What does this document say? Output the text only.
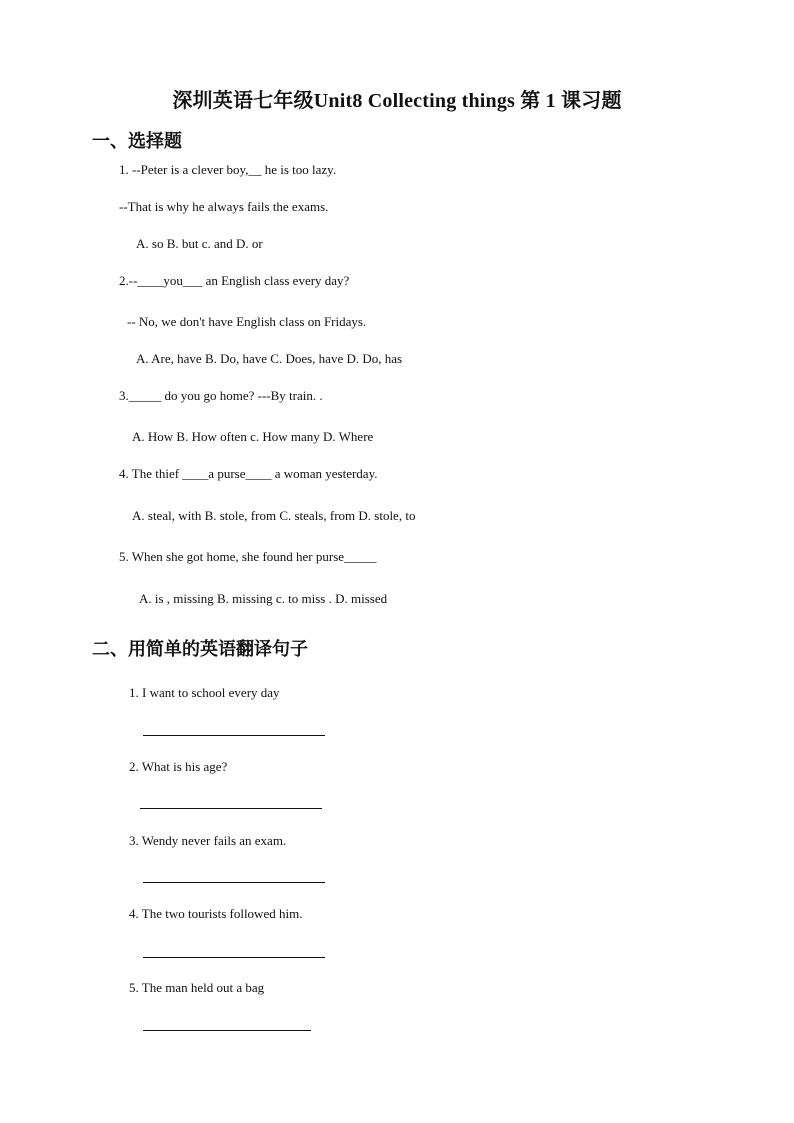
深圳英语七年级Unit8 Collecting things 第 1 课习题
一、选择题
1. --Peter is a clever boy,__ he is too lazy.
--That is why he always fails the exams.
A. so B. but c. and D. or
2.--____you___ an English class every day?
-- No, we don't have English class on Fridays.
A. Are, have B. Do, have C. Does, have D. Do, has
3._____ do you go home? ---By train. .
A. How B. How often c. How many D. Where
4. The thief ____a purse____ a woman yesterday.
A. steal, with B. stole, from C. steals, from D. stole, to
5. When she got home, she found her purse_____
A. is , missing B. missing c. to miss . D. missed
二、用简单的英语翻译句子
1. I want to school every day
2. What is his age?
3. Wendy never fails an exam.
4. The two tourists followed him.
5. The man held out a bag
